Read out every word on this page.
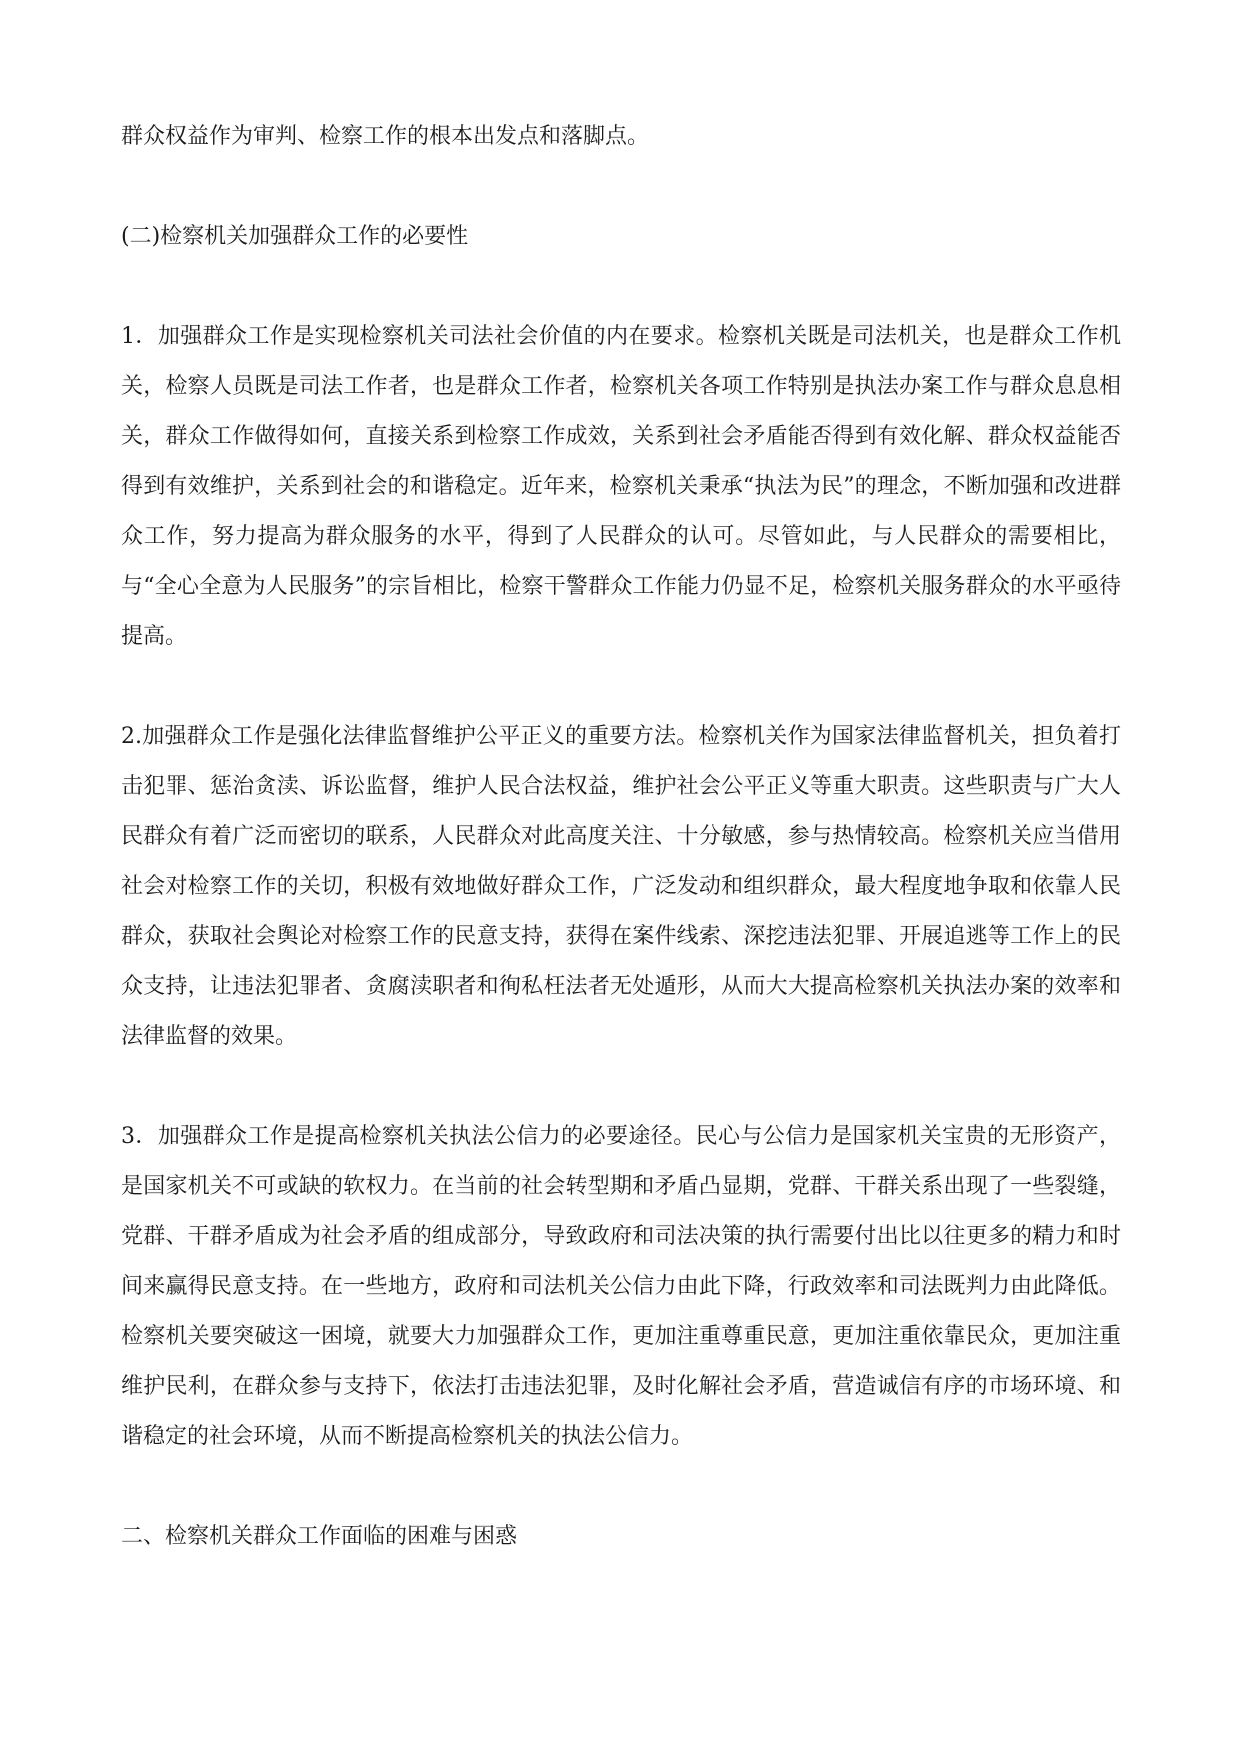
群众权益作为审判、检察工作的根本出发点和落脚点。

(二)检察机关加强群众工作的必要性

1．加强群众工作是实现检察机关司法社会价值的内在要求。检察机关既是司法机关，也是群众工作机关，检察人员既是司法工作者，也是群众工作者，检察机关各项工作特别是执法办案工作与群众息息相关，群众工作做得如何，直接关系到检察工作成效，关系到社会矛盾能否得到有效化解、群众权益能否得到有效维护，关系到社会的和谐稳定。近年来，检察机关秉承“执法为民”的理念，不断加强和改进群众工作，努力提高为群众服务的水平，得到了人民群众的认可。尽管如此，与人民群众的需要相比，与“全心全意为人民服务”的宗旨相比，检察干警群众工作能力仍显不足，检察机关服务群众的水平亟待提高。

2.加强群众工作是强化法律监督维护公平正义的重要方法。检察机关作为国家法律监督机关，担负着打击犯罪、惩治贪渎、诉讼监督，维护人民合法权益，维护社会公平正义等重大职责。这些职责与广大人民群众有着广泛而密切的联系，人民群众对此高度关注、十分敏感，参与热情较高。检察机关应当借用社会对检察工作的关切，积极有效地做好群众工作，广泛发动和组织群众，最大程度地争取和依靠人民群众，获取社会舆论对检察工作的民意支持，获得在案件线索、深挖违法犯罪、开展追逃等工作上的民众支持，让违法犯罪者、贪腐渎职者和徇私枉法者无处遁形，从而大大提高检察机关执法办案的效率和法律监督的效果。

3．加强群众工作是提高检察机关执法公信力的必要途径。民心与公信力是国家机关宝贵的无形资产，是国家机关不可或缺的软权力。在当前的社会转型期和矛盾凸显期，党群、干群关系出现了一些裂缝，党群、干群矛盾成为社会矛盾的组成部分，导致政府和司法决策的执行需要付出比以往更多的精力和时间来赢得民意支持。在一些地方，政府和司法机关公信力由此下降，行政效率和司法既判力由此降低。检察机关要突破这一困境，就要大力加强群众工作，更加注重尊重民意，更加注重依靠民众，更加注重维护民利，在群众参与支持下，依法打击违法犯罪，及时化解社会矛盾，营造诚信有序的市场环境、和谐稳定的社会环境，从而不断提高检察机关的执法公信力。

二、检察机关群众工作面临的困难与困惑
